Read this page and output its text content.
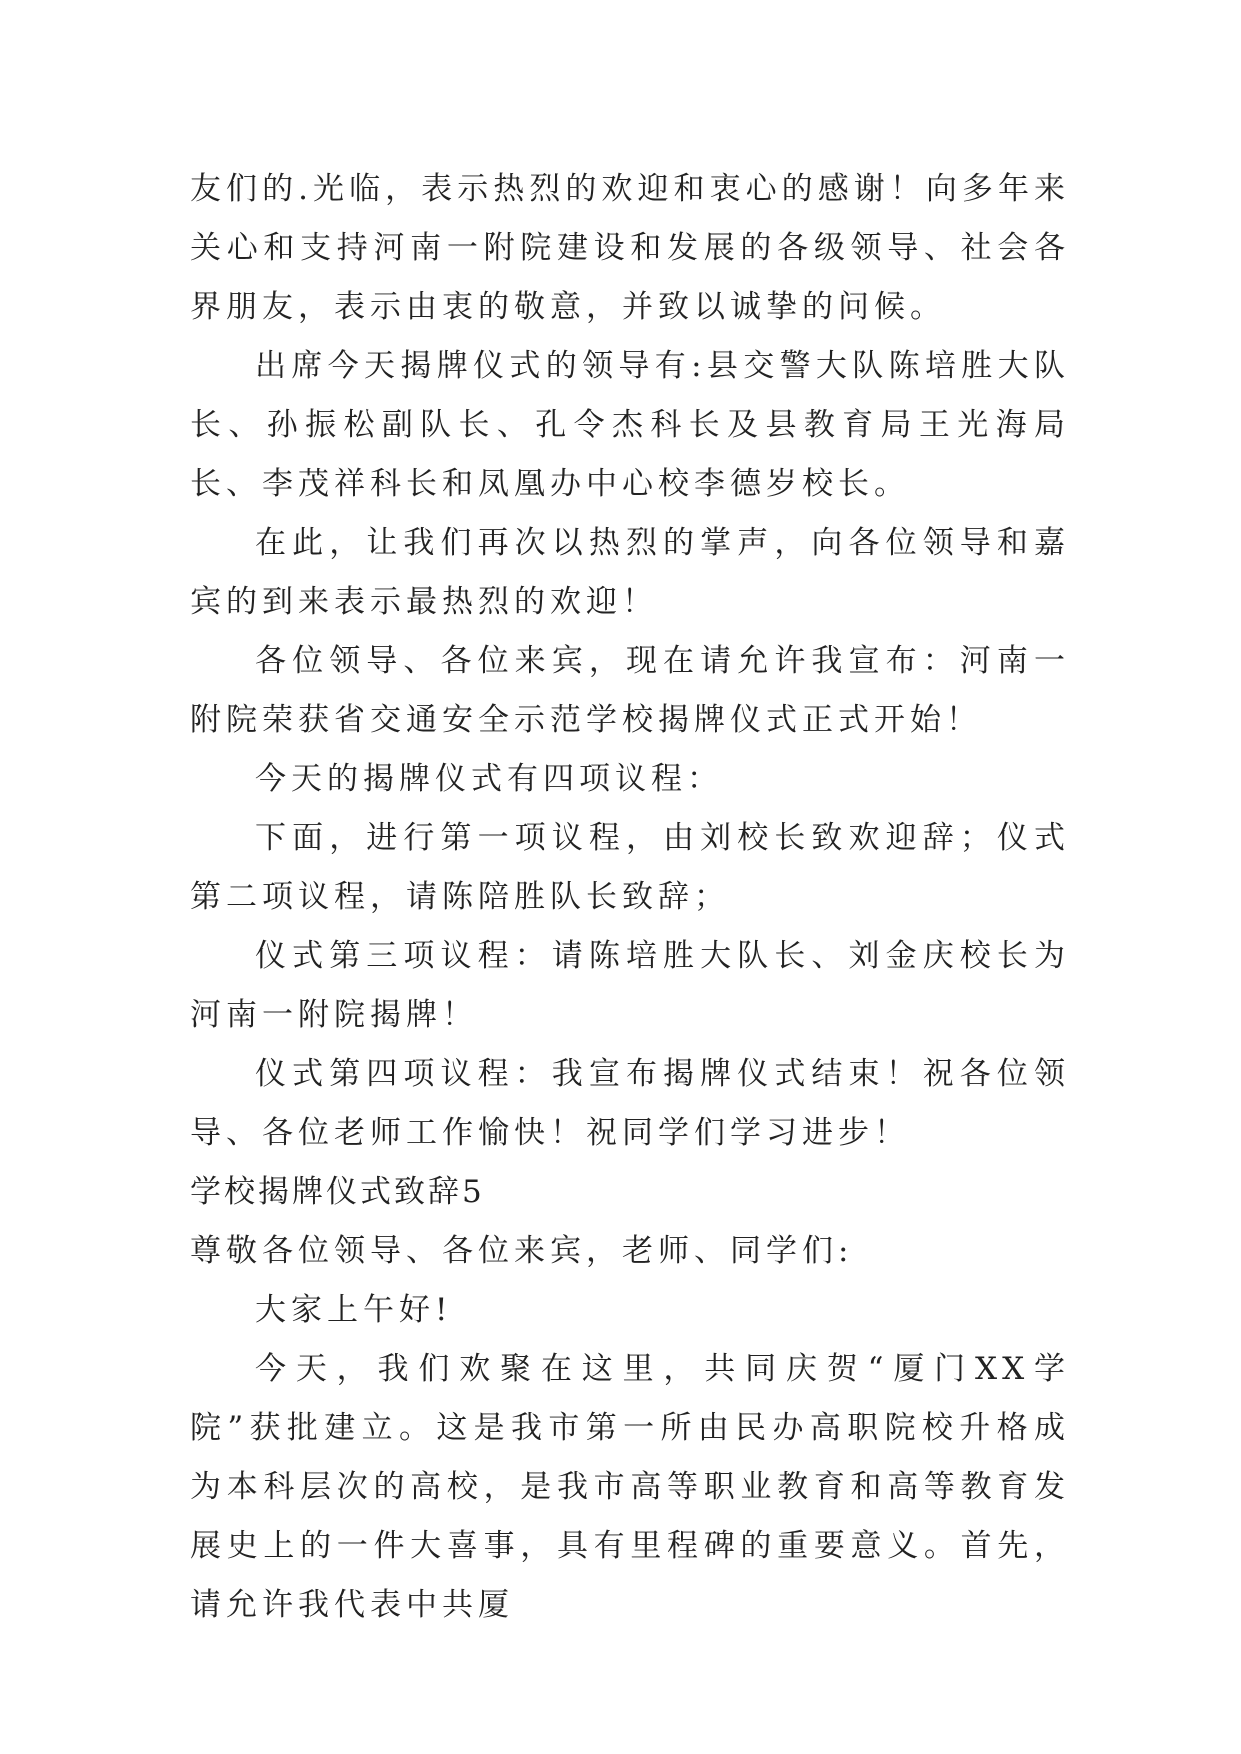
友们的.光临，表示热烈的欢迎和衷心的感谢！向多年来关心和支持河南一附院建设和发展的各级领导、社会各界朋友，表示由衷的敬意，并致以诚挚的问候。

出席今天揭牌仪式的领导有:县交警大队陈培胜大队长、孙振松副队长、孔令杰科长及县教育局王光海局长、李茂祥科长和凤凰办中心校李德岁校长。

在此，让我们再次以热烈的掌声，向各位领导和嘉宾的到来表示最热烈的欢迎！

各位领导、各位来宾，现在请允许我宣布：河南一附院荣获省交通安全示范学校揭牌仪式正式开始！

今天的揭牌仪式有四项议程：

下面，进行第一项议程，由刘校长致欢迎辞；仪式第二项议程，请陈陪胜队长致辞；

仪式第三项议程：请陈培胜大队长、刘金庆校长为河南一附院揭牌！

仪式第四项议程：我宣布揭牌仪式结束！祝各位领导、各位老师工作愉快！祝同学们学习进步！

学校揭牌仪式致辞5

尊敬各位领导、各位来宾，老师、同学们:

大家上午好!

今天，我们欢聚在这里，共同庆贺“厦门XX学院”获批建立。这是我市第一所由民办高职院校升格成为本科层次的高校，是我市高等职业教育和高等教育发展史上的一件大喜事，具有里程碑的重要意义。首先，请允许我代表中共厦
